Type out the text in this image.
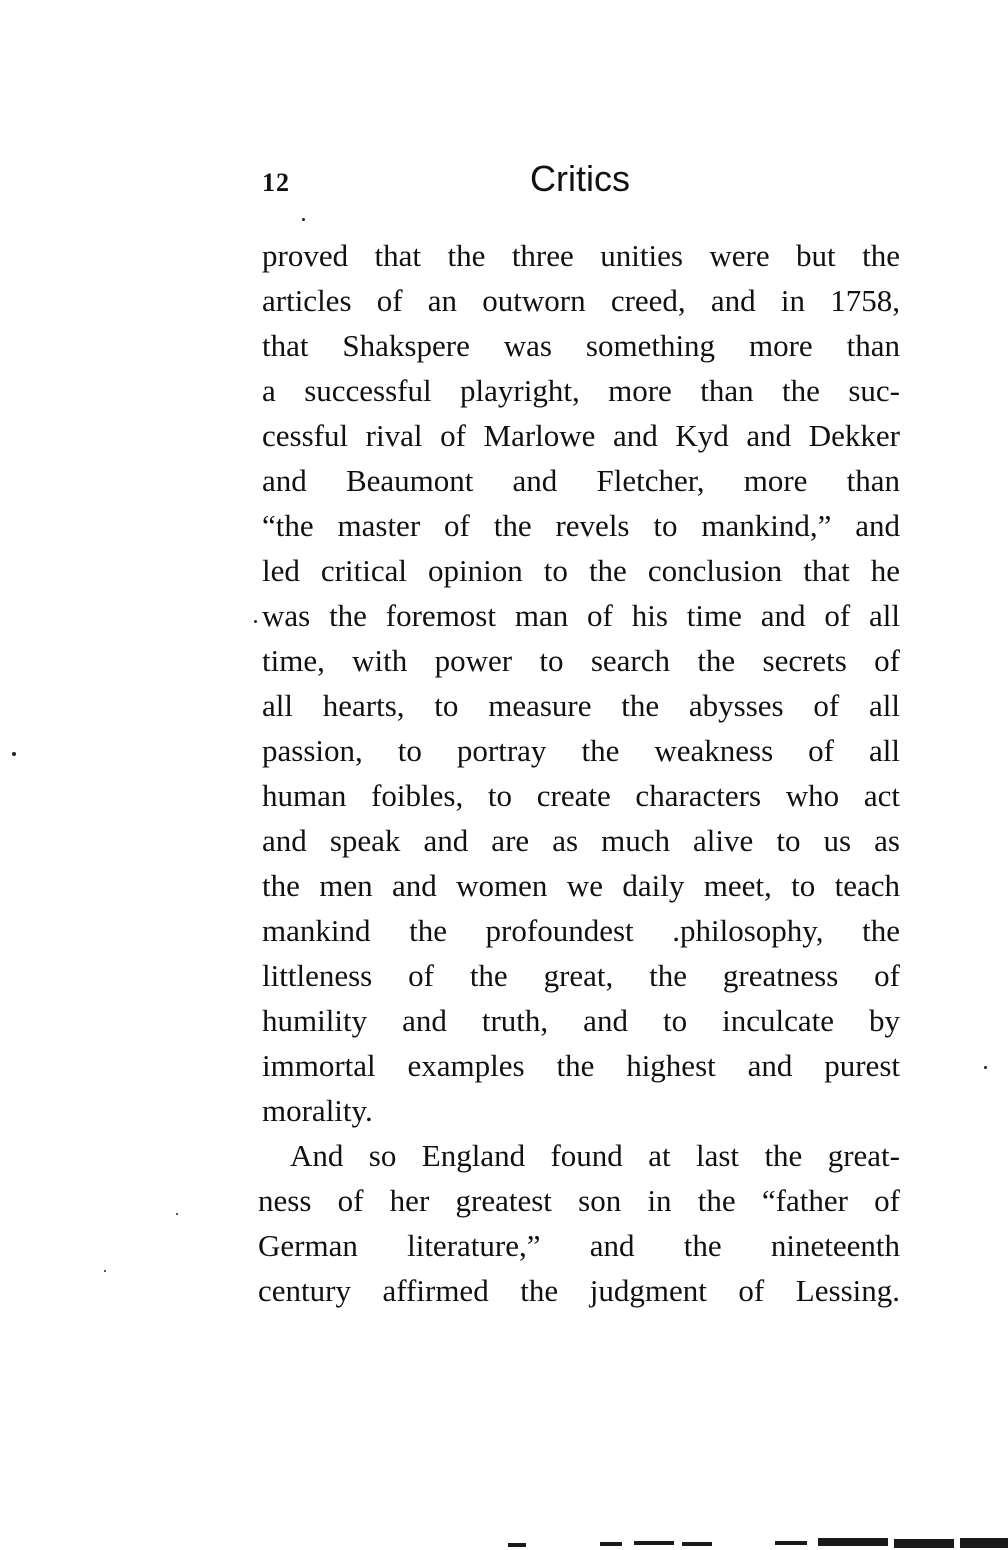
12	Critics

proved that the three unities were but the
articles of an outworn creed, and in 1758,
that Shakspere was something more than
a successful playright, more than the suc-
cessful rival of Marlowe and Kyd and Dekker
and Beaumont and Fletcher, more than
“the master of the revels to mankind,” and
led critical opinion to the conclusion that he
was the foremost man of his time and of all
time, with power to search the secrets of
all hearts, to measure the abysses of all
passion, to portray the weakness of all
human foibles, to create characters who act
and speak and are as much alive to us as
the men and women we daily meet, to teach
mankind the profoundest .philosophy, the
littleness of the great, the greatness of
humility and truth, and to inculcate by
immortal examples the highest and purest
morality.

And so England found at last the great-
ness of her greatest son in the “father of
German literature,” and the nineteenth
century affirmed the judgment of Lessing.
